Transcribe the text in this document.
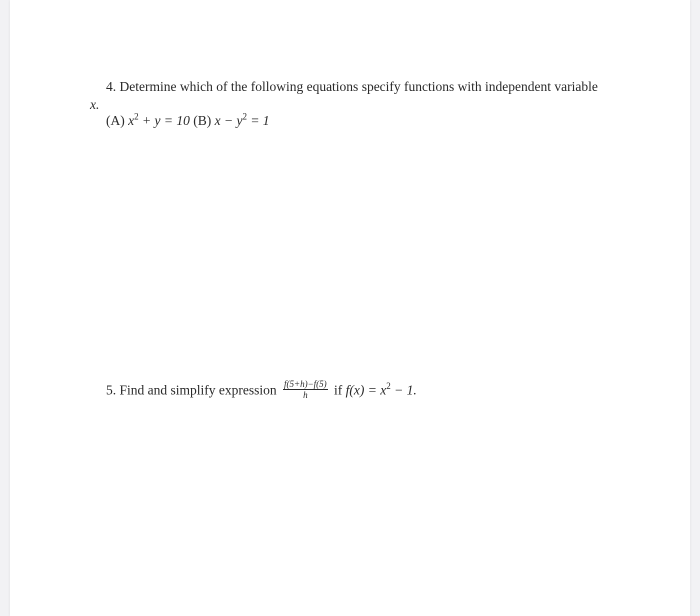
4. Determine which of the following equations specify functions with independent variable
x.
(A) $x^2 + y = 10$ (B) $x - y^2 = 1$
5. Find and simplify expression $\frac{f(5+h)-f(5)}{h}$ if $f(x) = x^2 - 1$.
